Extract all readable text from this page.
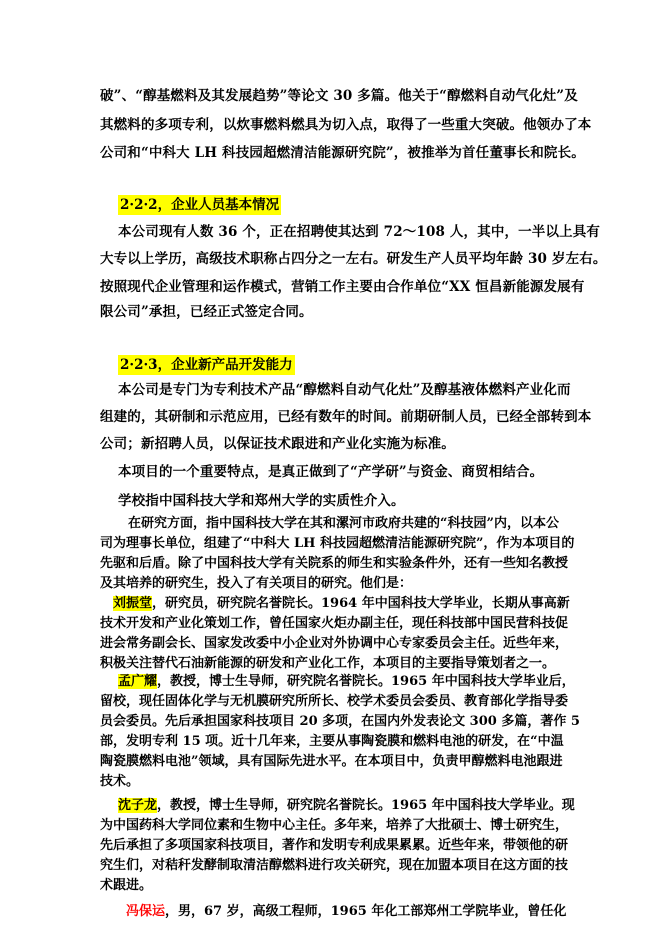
破”、“醇基燃料及其发展趋势”等论文 30 多篇。他关于“醇燃料自动气化灶”及
其燃料的多项专利，以炊事燃料燃具为切入点，取得了一些重大突破。他领办了本
公司和“中科大 LH 科技园超燃清洁能源研究院”，被推举为首任董事长和院长。
2·2·2，企业人员基本情况
本公司现有人数 36 个，正在招聘使其达到 72～108 人，其中，一半以上具有
大专以上学历，高级技术职称占四分之一左右。研发生产人员平均年龄 30 岁左右。
按照现代企业管理和运作模式，营销工作主要由合作单位“XX 恒昌新能源发展有
限公司”承担，已经正式签定合同。
2·2·3，企业新产品开发能力
本公司是专门为专利技术产品“醇燃料自动气化灶”及醇基液体燃料产业化而
组建的，其研制和示范应用，已经有数年的时间。前期研制人员，已经全部转到本
公司；新招聘人员，以保证技术跟进和产业化实施为标准。
本项目的一个重要特点，是真正做到了“产学研”与资金、商贸相结合。
学校指中国科技大学和郑州大学的实质性介入。
在研究方面，指中国科技大学在其和漯河市政府共建的“科技园”内，以本公
司为理事长单位，组建了“中科大 LH 科技园超燃清洁能源研究院”，作为本项目的
先驱和后盾。除了中国科技大学有关院系的师生和实验条件外，还有一些知名教授
及其培养的研究生，投入了有关项目的研究。他们是：
刘振堂，研究员，研究院名誉院长。1964 年中国科技大学毕业，长期从事高新
技术开发和产业化策划工作，曾任国家火炬办副主任，现任科技部中国民营科技促
进会常务副会长、国家发改委中小企业对外协调中心专家委员会主任。近些年来，
积极关注替代石油新能源的研发和产业化工作，本项目的主要指导策划者之一。
孟广耀，教授，博士生导师，研究院名誉院长。1965 年中国科技大学毕业后，
留校，现任固体化学与无机膜研究所所长、校学术委员会委员、教育部化学指导委
员会委员。先后承担国家科技项目 20 多项，在国内外发表论文 300 多篇，著作 5
部，发明专利 15 项。近十几年来，主要从事陶瓷膜和燃料电池的研发，在“中温
陶瓷膜燃料电池”领域，具有国际先进水平。在本项目中，负责甲醇燃料电池跟进
技术。
沈子龙，教授，博士生导师，研究院名誉院长。1965 年中国科技大学毕业。现
为中国药科大学同位素和生物中心主任。多年来，培养了大批硕士、博士研究生，
先后承担了多项国家科技项目，著作和发明专利成果累累。近些年来，带领他的研
究生们，对秸秆发酵制取清洁醇燃料进行攻关研究，现在加盟本项目在这方面的技
术跟进。
冯保运，男，67 岁，高级工程师，1965 年化工部郑州工学院毕业，曾任化
